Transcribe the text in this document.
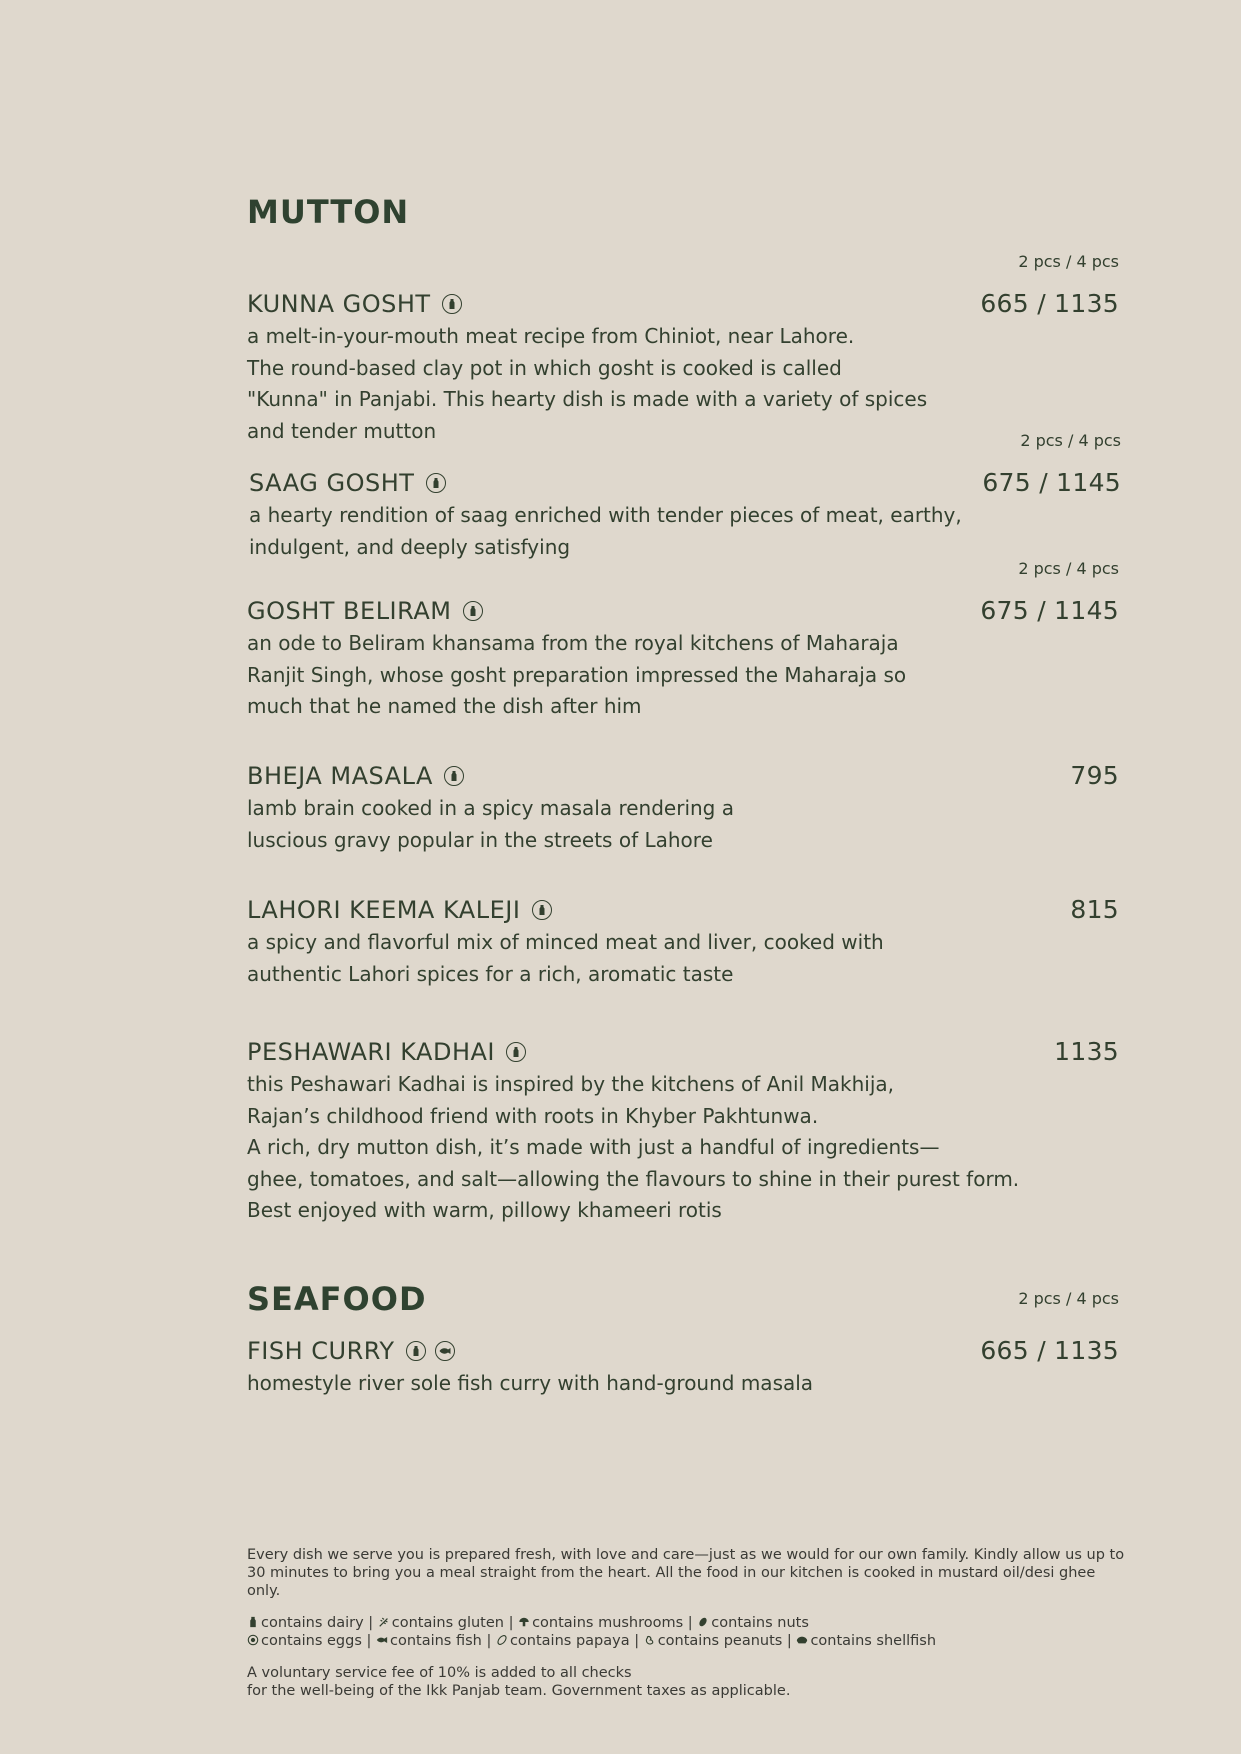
MUTTON
2 pcs / 4 pcs
KUNNA GOSHT	665 / 1135

a melt-in-your-mouth meat recipe from Chiniot, near Lahore.
The round-based clay pot in which gosht is cooked is called
"Kunna" in Panjabi. This hearty dish is made with a variety of spices
and tender mutton	2 pcs / 4 pcs
SAAG GOSHT	675 / 1145

a hearty rendition of saag enriched with tender pieces of meat, earthy,
indulgent, and deeply satisfying

2 pcs / 4 pcs
GOSHT BELIRAM	675 / 1145

an ode to Beliram khansama from the royal kitchens of Maharaja
Ranjit Singh, whose gosht preparation impressed the Maharaja so
much that he named the dish after him

BHEJA MASALA	795

lamb brain cooked in a spicy masala rendering a
luscious gravy popular in the streets of Lahore

LAHORI KEEMA KALEJI	815

a spicy and flavorful mix of minced meat and liver, cooked with
authentic Lahori spices for a rich, aromatic taste

PESHAWARI KADHAI	1135

this Peshawari Kadhai is inspired by the kitchens of Anil Makhija,
Rajan’s childhood friend with roots in Khyber Pakhtunwa.
A rich, dry mutton dish, it’s made with just a handful of ingredients—
ghee, tomatoes, and salt—allowing the flavours to shine in their purest form.
Best enjoyed with warm, pillowy khameeri rotis

SEAFOOD	2 pcs / 4 pcs
FISH CURRY
	665 / 1135

homestyle river sole fish curry with hand-ground masala

Every dish we serve you is prepared fresh, with love and care—just as we would for our own family. Kindly allow us up to
30 minutes to bring you a meal straight from the heart. All the food in our kitchen is cooked in mustard oil/desi ghee only.

contains dairy | contains gluten | contains mushrooms | contains nuts
contains eggs | contains fish | contains papaya | contains peanuts | contains shellfish

A voluntary service fee of 10% is added to all checks
for the well-being of the Ikk Panjab team. Government taxes as applicable.
